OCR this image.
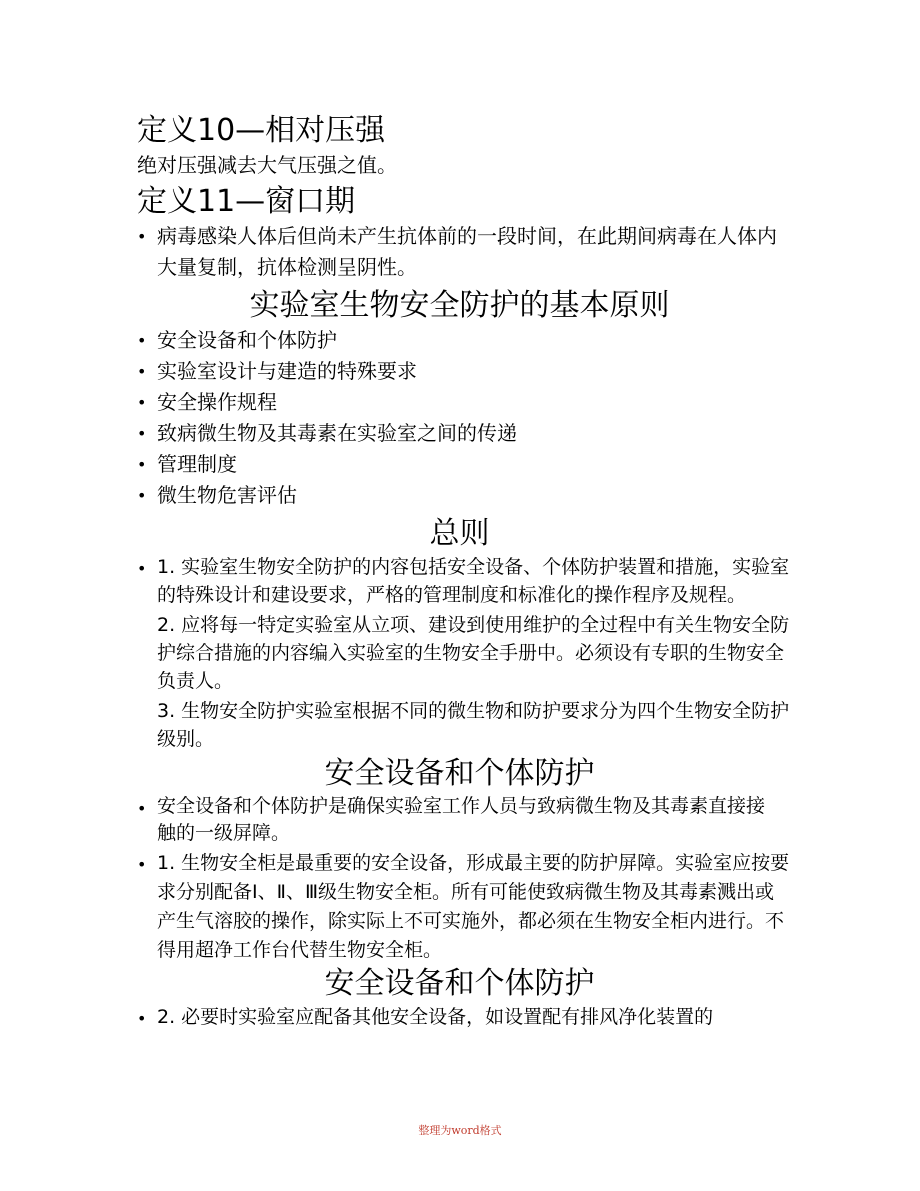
定义10—相对压强

绝对压强减去大气压强之值。

定义11—窗口期
• 病毒感染人体后但尚未产生抗体前的一段时间，在此期间病毒在人体内大量复制，抗体检测呈阴性。
实验室生物安全防护的基本原则
• 安全设备和个体防护
• 实验室设计与建造的特殊要求
• 安全操作规程
• 致病微生物及其毒素在实验室之间的传递
• 管理制度
• 微生物危害评估
总则
• 1. 实验室生物安全防护的内容包括安全设备、个体防护装置和措施，实验室的特殊设计和建设要求，严格的管理制度和标准化的操作程序及规程。

2. 应将每一特定实验室从立项、建设到使用维护的全过程中有关生物安全防护综合措施的内容编入实验室的生物安全手册中。必须设有专职的生物安全负责人。

3. 生物安全防护实验室根据不同的微生物和防护要求分为四个生物安全防护级别。

安全设备和个体防护
• 安全设备和个体防护是确保实验室工作人员与致病微生物及其毒素直接接触的一级屏障。
• 1. 生物安全柜是最重要的安全设备，形成最主要的防护屏障。实验室应按要求分别配备Ⅰ、Ⅱ、Ⅲ级生物安全柜。所有可能使致病微生物及其毒素溅出或产生气溶胶的操作，除实际上不可实施外，都必须在生物安全柜内进行。不得用超净工作台代替生物安全柜。
安全设备和个体防护
• 2. 必要时实验室应配备其他安全设备，如设置配有排风净化装置的
整理为word格式
